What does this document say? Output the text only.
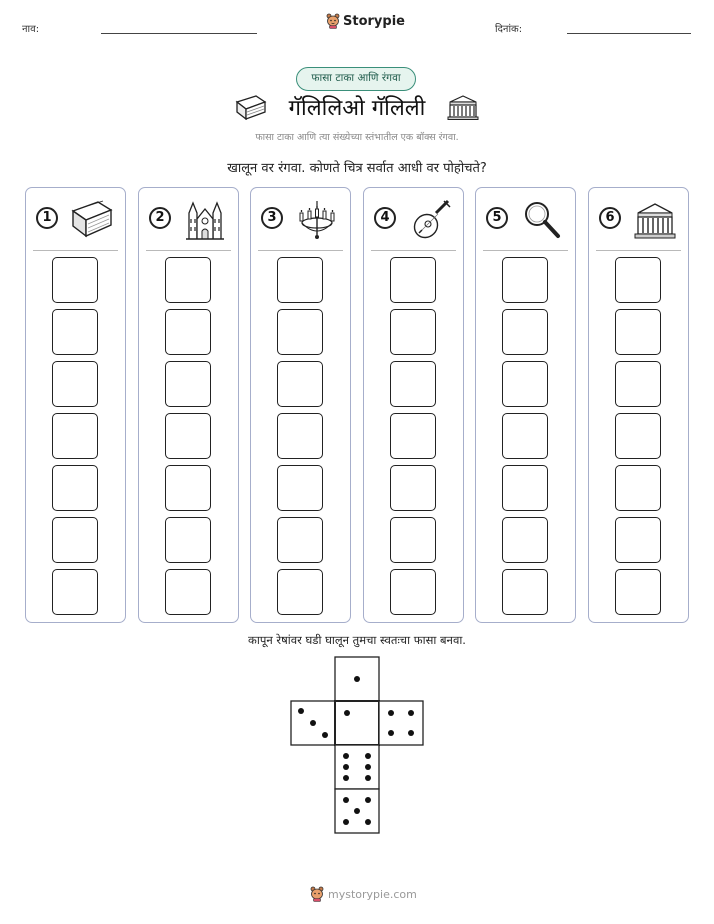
नाव:
Storypie
दिनांक:
फासा टाका आणि रंगवा
गॅलिलिओ गॅलिली
फासा टाका आणि त्या संख्येच्या स्तंभातील एक बॉक्स रंगवा.
खालून वर रंगवा. कोणते चित्र सर्वात आधी वर पोहोचते?
1	2	3	4	5	6
कापून रेषांवर घडी घालून तुमचा स्वतःचा फासा बनवा.
mystorypie.com
